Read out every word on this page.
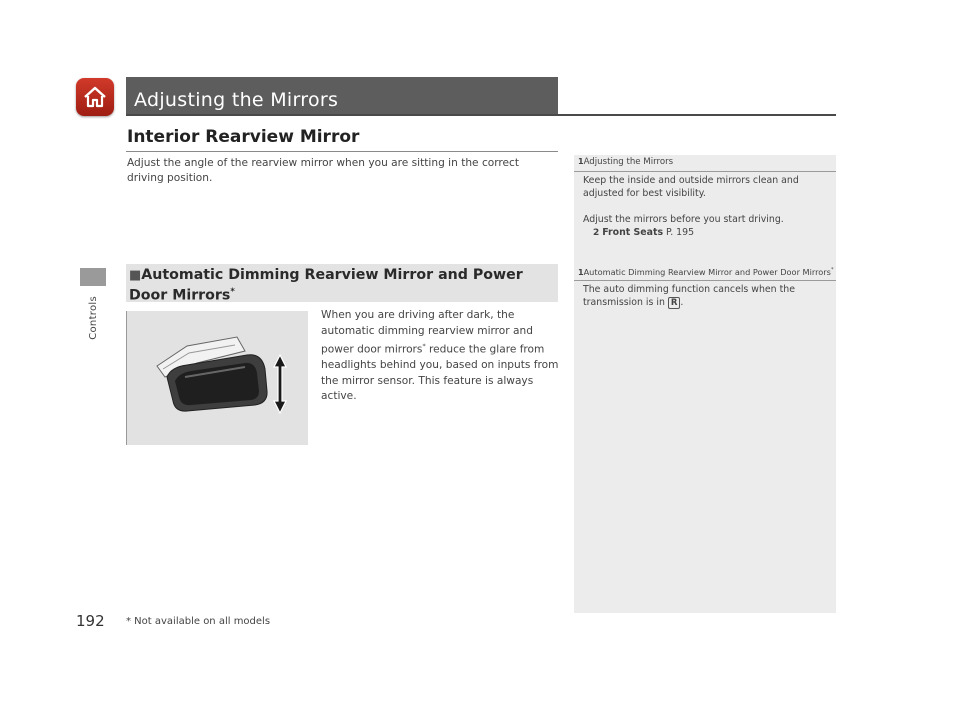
Controls
Adjusting the Mirrors
Interior Rearview Mirror
Adjust the angle of the rearview mirror when you are sitting in the correct driving position.
1Adjusting the Mirrors
Keep the inside and outside mirrors clean and adjusted for best visibility.
Adjust the mirrors before you start driving.
2 Front Seats P. 195
1Automatic Dimming Rearview Mirror and Power Door Mirrors*
The auto dimming function cancels when the transmission is in R .
■Automatic Dimming Rearview Mirror and Power Door Mirrors*
When you are driving after dark, the automatic dimming rearview mirror and power door mirrors* reduce the glare from headlights behind you, based on inputs from the mirror sensor. This feature is always active.
192 * Not available on all models
